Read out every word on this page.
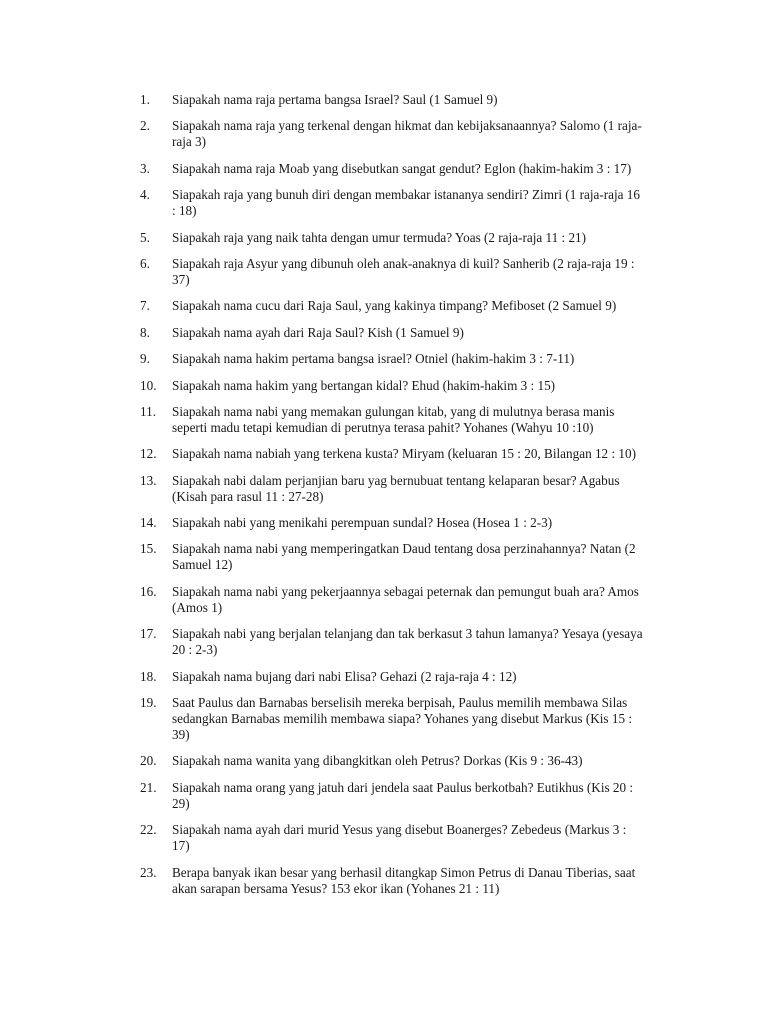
1.	Siapakah nama raja pertama bangsa Israel? Saul (1 Samuel 9)
2.	Siapakah nama raja yang terkenal dengan hikmat dan kebijaksanaannya? Salomo (1 raja-raja 3)
3.	Siapakah nama raja Moab yang disebutkan sangat gendut? Eglon (hakim-hakim 3 : 17)
4.	Siapakah raja yang bunuh diri dengan membakar istananya sendiri? Zimri (1 raja-raja 16 : 18)
5.	Siapakah raja yang naik tahta dengan umur termuda? Yoas (2 raja-raja 11 : 21)
6.	Siapakah raja Asyur yang dibunuh oleh anak-anaknya di kuil? Sanherib (2 raja-raja 19 : 37)
7.	Siapakah nama cucu dari Raja Saul, yang kakinya timpang? Mefiboset (2 Samuel 9)
8.	Siapakah nama ayah dari Raja Saul? Kish (1 Samuel 9)
9.	Siapakah nama hakim pertama bangsa israel? Otniel (hakim-hakim 3 : 7-11)
10.	Siapakah nama hakim yang bertangan kidal? Ehud (hakim-hakim 3 : 15)
11.	Siapakah nama nabi yang memakan gulungan kitab, yang di mulutnya berasa manis seperti madu tetapi kemudian di perutnya terasa pahit? Yohanes (Wahyu 10 :10)
12.	Siapakah nama nabiah yang terkena kusta? Miryam (keluaran 15 : 20, Bilangan 12 : 10)
13.	Siapakah nabi dalam perjanjian baru yag bernubuat tentang kelaparan besar? Agabus (Kisah para rasul 11 : 27-28)
14.	Siapakah nabi yang menikahi perempuan sundal? Hosea (Hosea 1 : 2-3)
15.	Siapakah nama nabi yang memperingatkan Daud tentang dosa perzinahannya? Natan (2 Samuel 12)
16.	Siapakah nama nabi yang pekerjaannya sebagai peternak dan pemungut buah ara? Amos (Amos 1)
17.	Siapakah nabi yang berjalan telanjang dan tak berkasut 3 tahun lamanya? Yesaya (yesaya 20 : 2-3)
18.	Siapakah nama bujang dari nabi Elisa? Gehazi (2 raja-raja 4 : 12)
19.	Saat Paulus dan Barnabas berselisih mereka berpisah, Paulus memilih membawa Silas sedangkan Barnabas memilih membawa siapa? Yohanes yang disebut Markus (Kis 15 : 39)
20.	Siapakah nama wanita yang dibangkitkan oleh Petrus? Dorkas (Kis 9 : 36-43)
21.	Siapakah nama orang yang jatuh dari jendela saat Paulus berkotbah? Eutikhus (Kis 20 : 29)
22.	Siapakah nama ayah dari murid Yesus yang disebut Boanerges? Zebedeus (Markus 3 : 17)
23.	Berapa banyak ikan besar yang berhasil ditangkap Simon Petrus di Danau Tiberias, saat akan sarapan bersama Yesus? 153 ekor ikan (Yohanes 21 : 11)
